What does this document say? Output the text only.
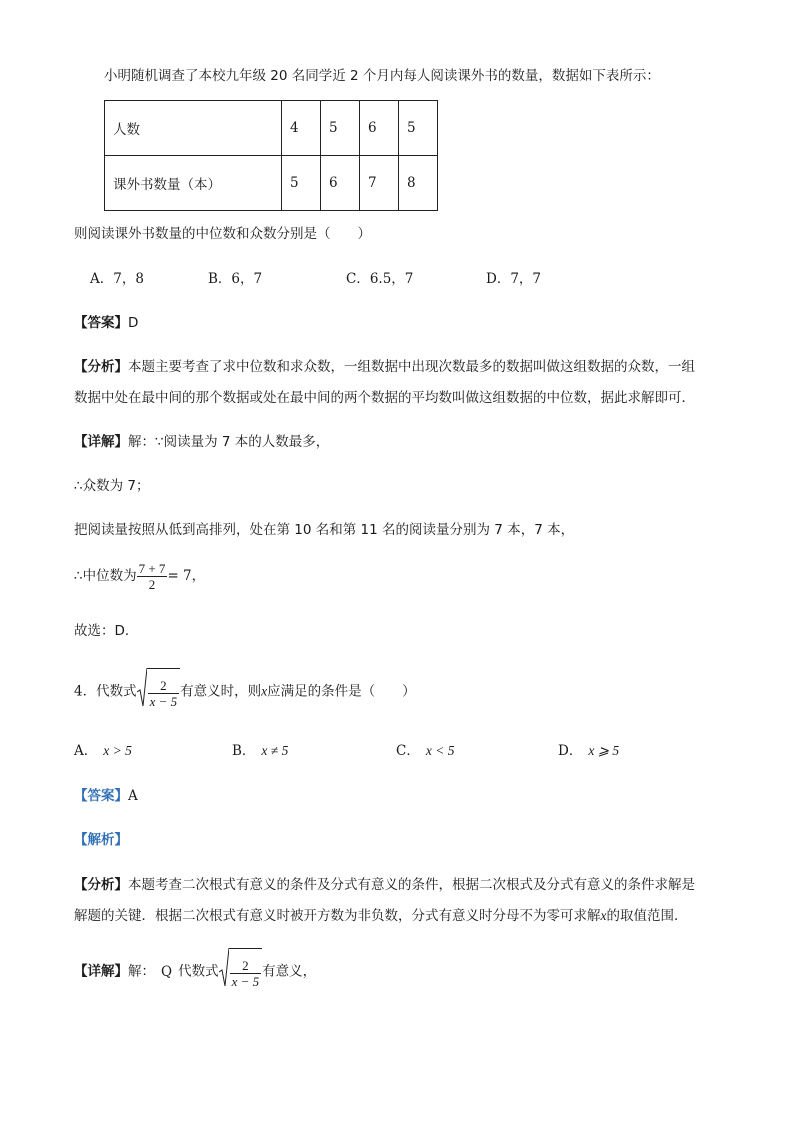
小明随机调查了本校九年级 20 名同学近 2 个月内每人阅读课外书的数量，数据如下表所示：
人数	4	5	6	5
课外书数量（本）	5	6	7	8
则阅读课外书数量的中位数和众数分别是（　　）
A．7，8	B．6，7	C．6.5，7	D．7，7
【答案】D
【分析】本题主要考查了求中位数和求众数，一组数据中出现次数最多的数据叫做这组数据的众数，一组
数据中处在最中间的那个数据或处在最中间的两个数据的平均数叫做这组数据的中位数，据此求解即可．
【详解】解：∵阅读量为 7 本的人数最多，
∴众数为 7；
把阅读量按照从低到高排列，处在第 10 名和第 11 名的阅读量分别为 7 本，7 本，
∴中位数为 $\frac{7 + 7}{2} = 7$，
故选：D．
4．代数式 $\frac{2}{x - 5}$ 有意义时，则x应满足的条件是（　　）
A． x > 5	B． x ≠ 5	C． x < 5	D． x ⩾ 5
【答案】A
【解析】
【分析】本题考查二次根式有意义的条件及分式有意义的条件，根据二次根式及分式有意义的条件求解是
解题的关键．根据二次根式有意义时被开方数为非负数，分式有意义时分母不为零可求解x的取值范围．
【详解】解： Q 代数式 $\frac{2}{x - 5}$ 有意义，
